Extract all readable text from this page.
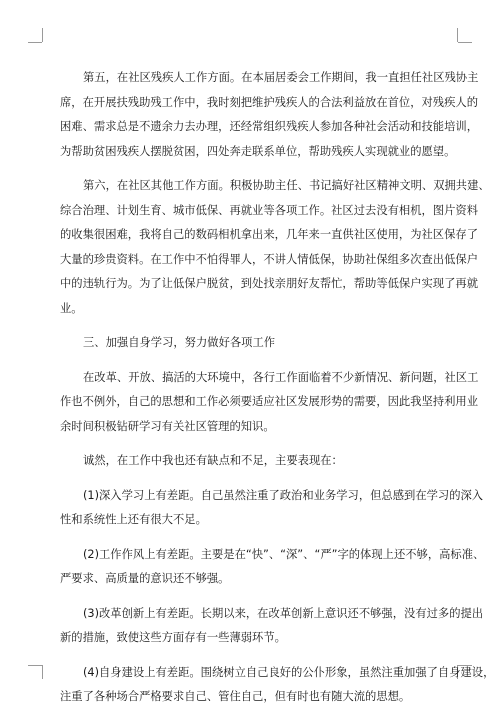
第五，在社区残疾人工作方面。在本届居委会工作期间，我一直担任社区残协主
席，在开展扶残助残工作中，我时刻把维护残疾人的合法利益放在首位，对残疾人的
困难、需求总是不遗余力去办理，还经常组织残疾人参加各种社会活动和技能培训，
为帮助贫困残疾人摆脱贫困，四处奔走联系单位，帮助残疾人实现就业的愿望。
第六，在社区其他工作方面。积极协助主任、书记搞好社区精神文明、双拥共建、
综合治理、计划生育、城市低保、再就业等各项工作。社区过去没有相机，图片资料
的收集很困难，我将自己的数码相机拿出来，几年来一直供社区使用，为社区保存了
大量的珍贵资料。在工作中不怕得罪人，不讲人情低保，协助社保组多次查出低保户
中的违轨行为。为了让低保户脱贫，到处找亲朋好友帮忙，帮助等低保户实现了再就
业。
三、加强自身学习，努力做好各项工作
在改革、开放、搞活的大环境中，各行工作面临着不少新情况、新问题，社区工
作也不例外，自己的思想和工作必须要适应社区发展形势的需要，因此我坚持利用业
余时间积极钻研学习有关社区管理的知识。
诚然，在工作中我也还有缺点和不足，主要表现在：
(1)深入学习上有差距。自己虽然注重了政治和业务学习，但总感到在学习的深入
性和系统性上还有很大不足。
(2)工作作风上有差距。主要是在“快”、“深”、“严”字的体现上还不够，高标准、
严要求、高质量的意识还不够强。
(3)改革创新上有差距。长期以来，在改革创新上意识还不够强，没有过多的提出
新的措施，致使这些方面存有一些薄弱环节。
(4)自身建设上有差距。围绕树立自己良好的公仆形象，虽然注重加强了自身建设，
注重了各种场合严格要求自己、管住自己，但有时也有随大流的思想。
